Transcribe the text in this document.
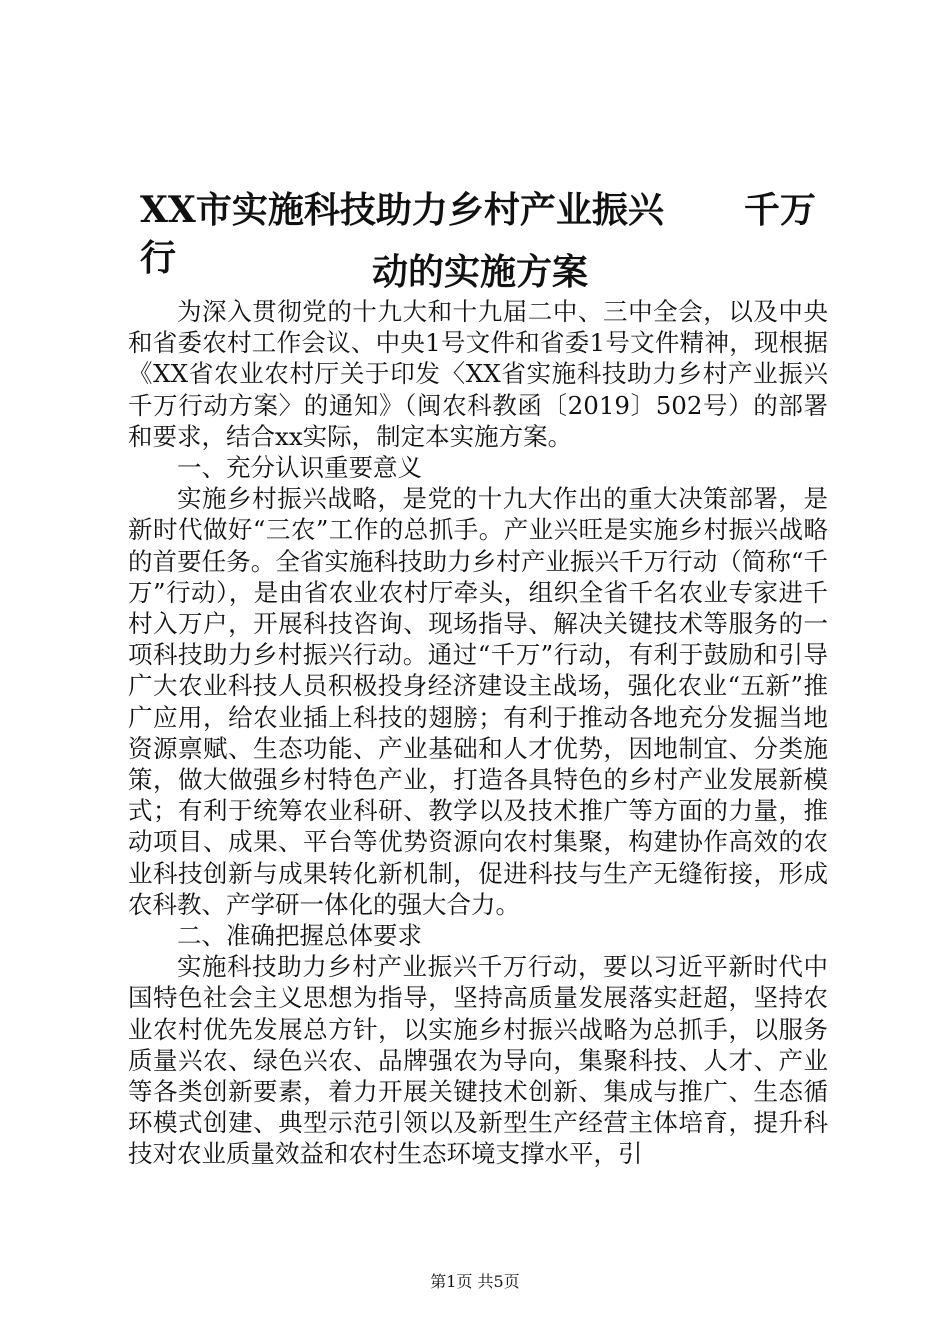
XX市实施科技助力乡村产业振兴 千万行	动的实施方案

为深入贯彻党的十九大和十九届二中、三中全会，以及中央和省委农村工作会议、中央1号文件和省委1号文件精神，现根据《XX省农业农村厅关于印发〈XX省实施科技助力乡村产业振兴千万行动方案〉的通知》（闽农科教函〔2019〕502号）的部署和要求，结合xx实际，制定本实施方案。

一、充分认识重要意义

实施乡村振兴战略，是党的十九大作出的重大决策部署，是新时代做好“三农”工作的总抓手。产业兴旺是实施乡村振兴战略的首要任务。全省实施科技助力乡村产业振兴千万行动（简称“千万”行动），是由省农业农村厅牵头，组织全省千名农业专家进千村入万户，开展科技咨询、现场指导、解决关键技术等服务的一项科技助力乡村振兴行动。通过“千万”行动，有利于鼓励和引导广大农业科技人员积极投身经济建设主战场，强化农业“五新”推广应用，给农业插上科技的翅膀；有利于推动各地充分发掘当地资源禀赋、生态功能、产业基础和人才优势，因地制宜、分类施策，做大做强乡村特色产业，打造各具特色的乡村产业发展新模式；有利于统筹农业科研、教学以及技术推广等方面的力量，推动项目、成果、平台等优势资源向农村集聚，构建协作高效的农业科技创新与成果转化新机制，促进科技与生产无缝衔接，形成农科教、产学研一体化的强大合力。

二、准确把握总体要求

实施科技助力乡村产业振兴千万行动，要以习近平新时代中国特色社会主义思想为指导，坚持高质量发展落实赶超，坚持农业农村优先发展总方针，以实施乡村振兴战略为总抓手，以服务质量兴农、绿色兴农、品牌强农为导向，集聚科技、人才、产业等各类创新要素，着力开展关键技术创新、集成与推广、生态循环模式创建、典型示范引领以及新型生产经营主体培育，提升科技对农业质量效益和农村生态环境支撑水平，引

第1页 共5页
